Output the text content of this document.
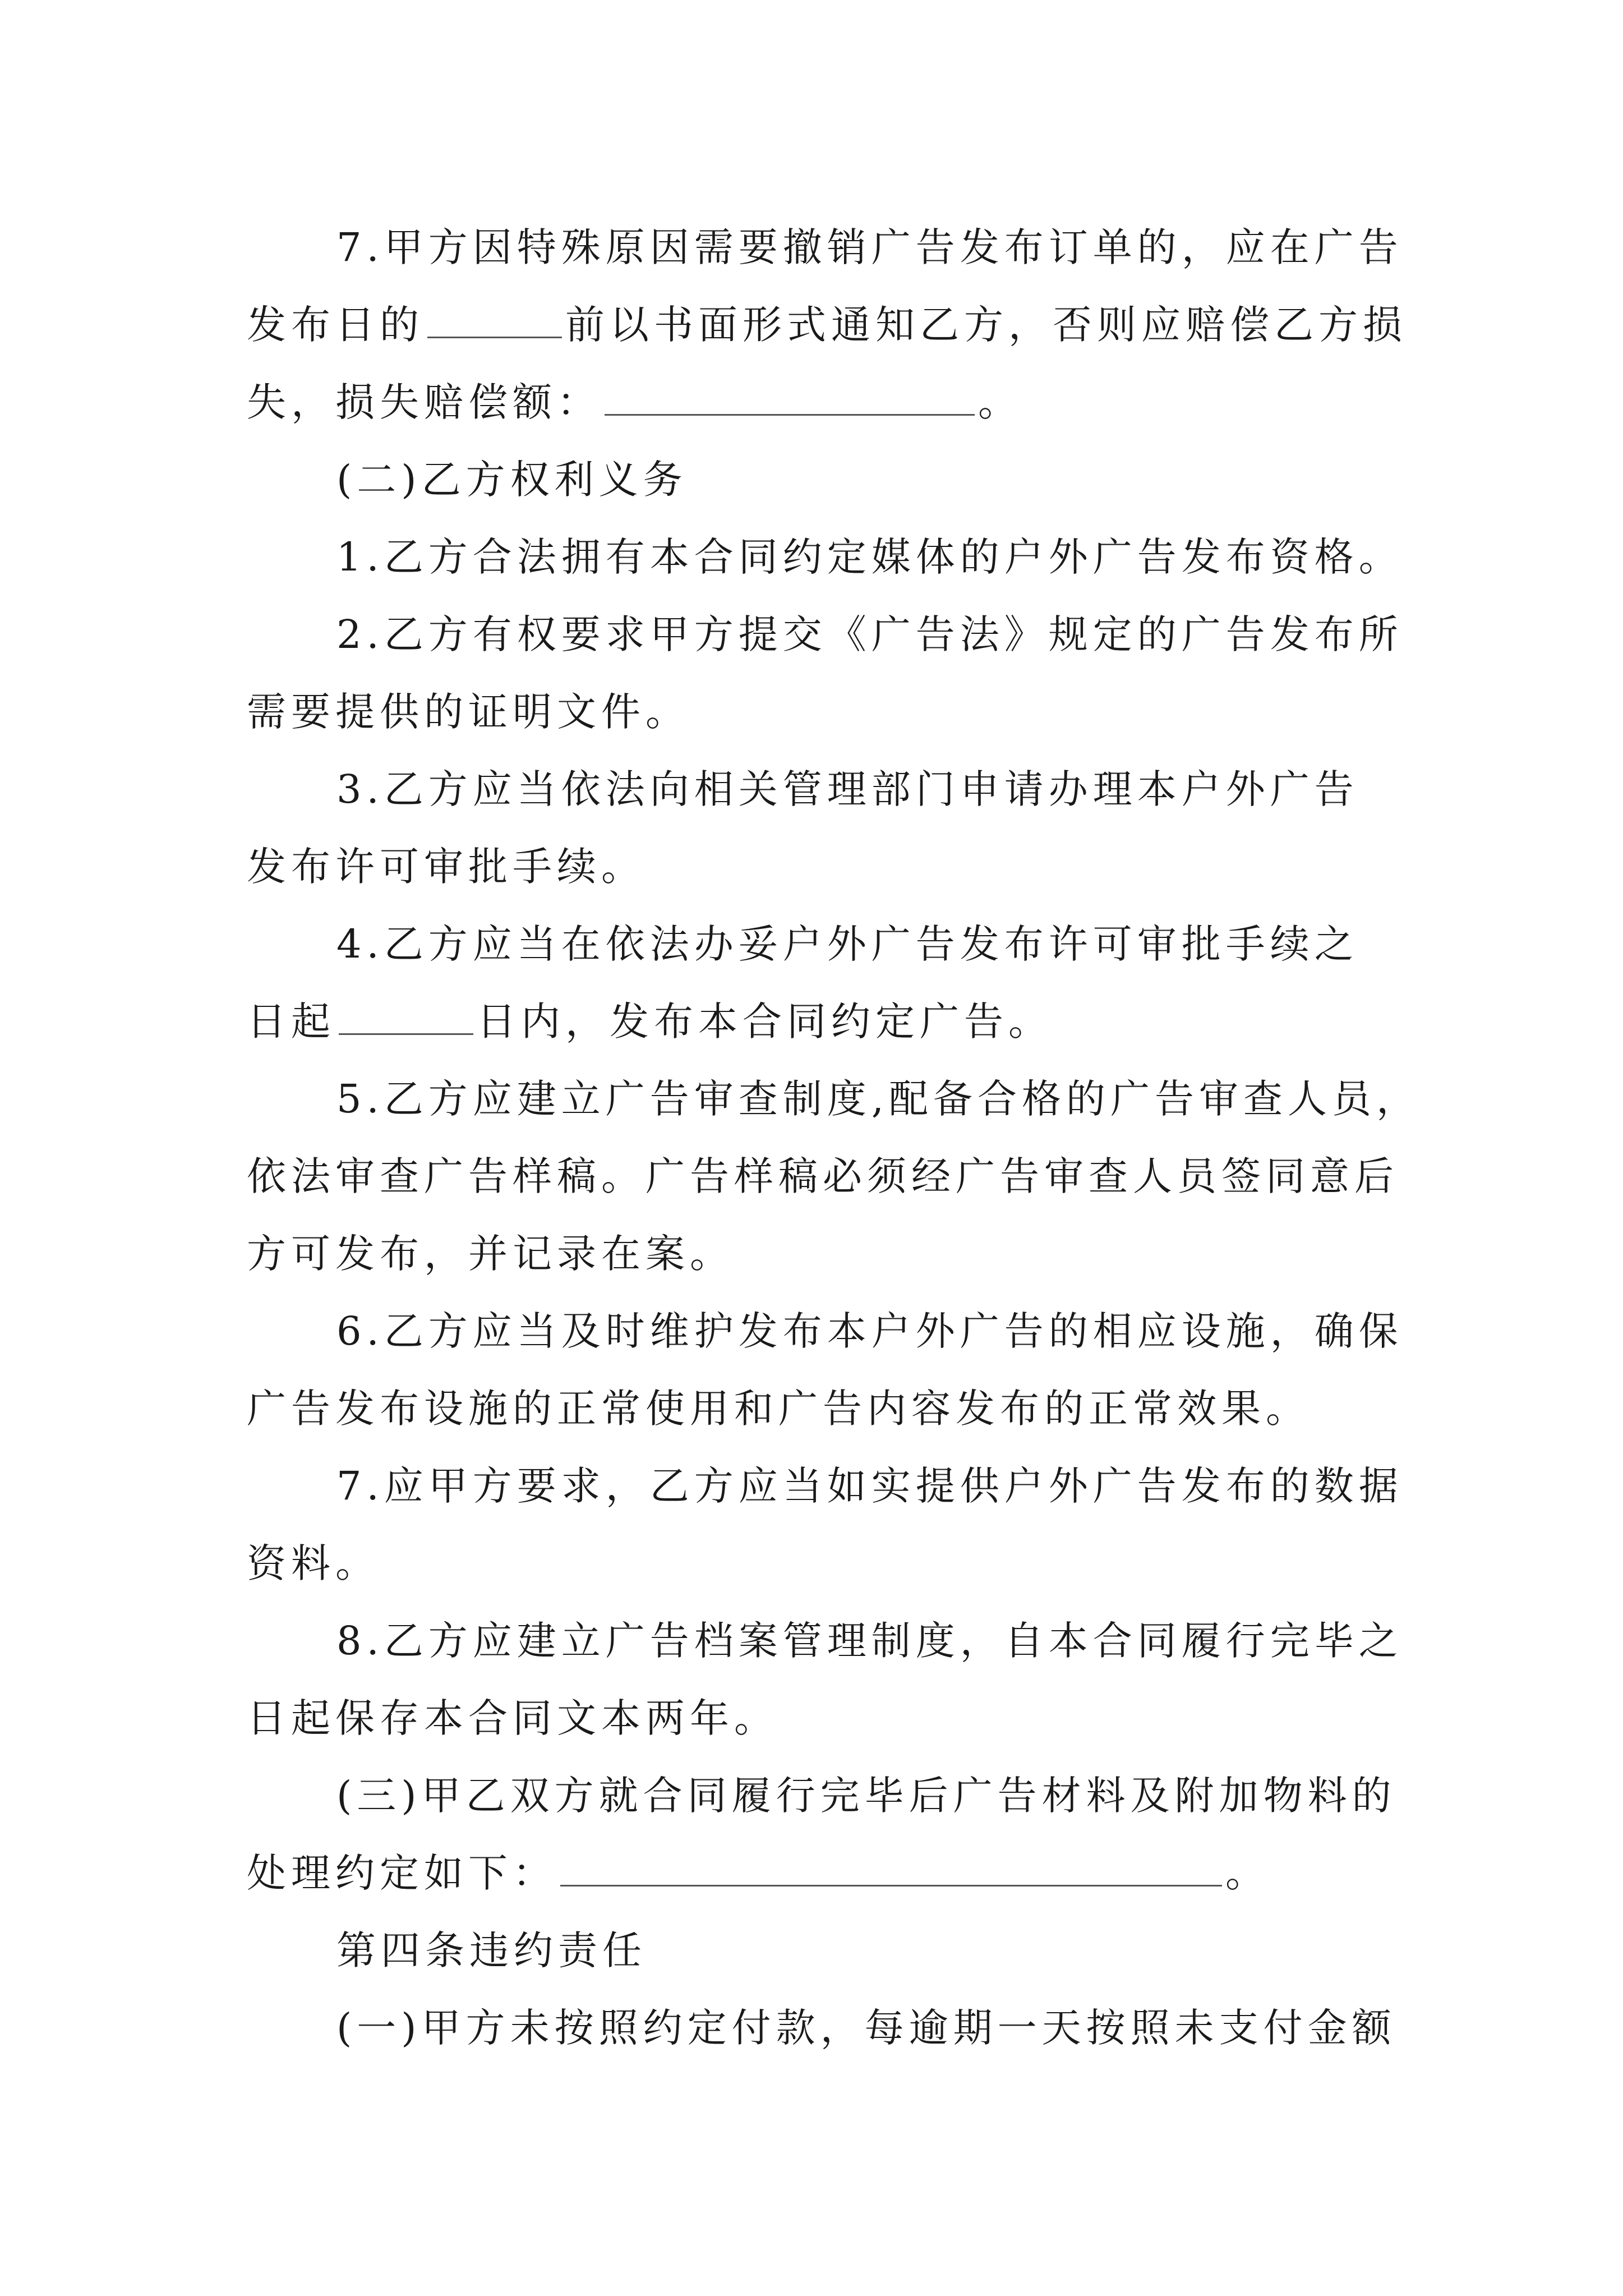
7.甲方因特殊原因需要撤销广告发布订单的，应在广告
发布日的	前以书面形式通知乙方，否则应赔偿乙方损
失，损失赔偿额：	。
(二)乙方权利义务
1.乙方合法拥有本合同约定媒体的户外广告发布资格。
2.乙方有权要求甲方提交《广告法》规定的广告发布所
需要提供的证明文件。
3.乙方应当依法向相关管理部门申请办理本户外广告
发布许可审批手续。
4.乙方应当在依法办妥户外广告发布许可审批手续之
日起	日内，发布本合同约定广告。
5.乙方应建立广告审查制度,配备合格的广告审查人员，
依法审查广告样稿。广告样稿必须经广告审查人员签同意后
方可发布，并记录在案。
6.乙方应当及时维护发布本户外广告的相应设施，确保
广告发布设施的正常使用和广告内容发布的正常效果。
7.应甲方要求，乙方应当如实提供户外广告发布的数据
资料。
8.乙方应建立广告档案管理制度，自本合同履行完毕之
日起保存本合同文本两年。
(三)甲乙双方就合同履行完毕后广告材料及附加物料的
处理约定如下：	。
第四条违约责任
(一)甲方未按照约定付款，每逾期一天按照未支付金额
